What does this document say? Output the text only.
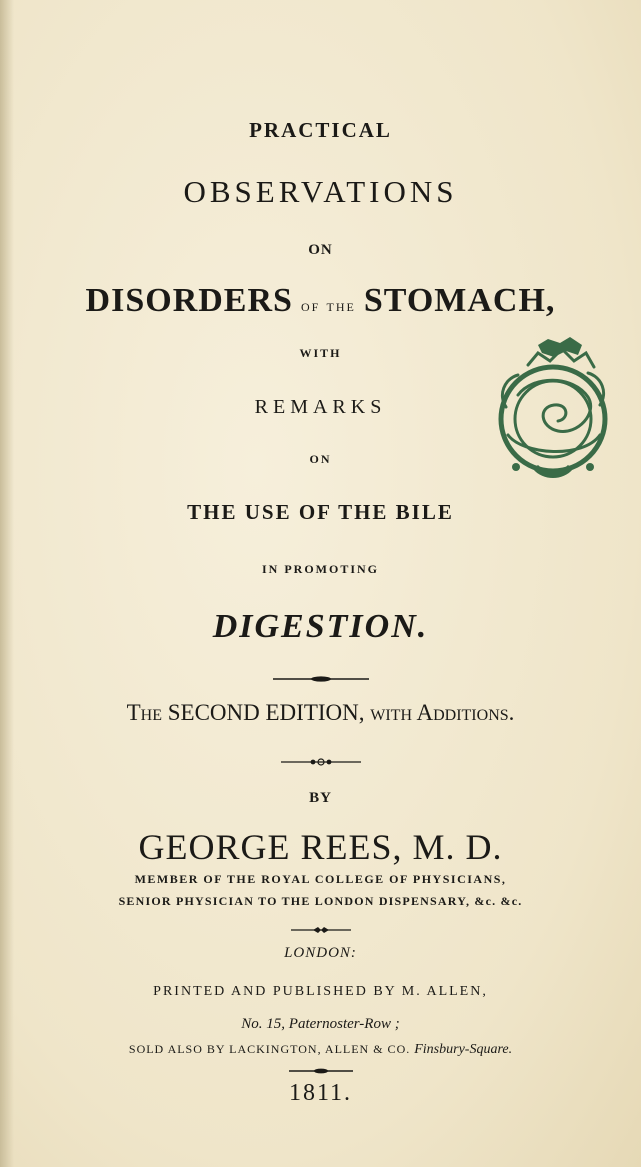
PRACTICAL
OBSERVATIONS
ON
DISORDERS of the STOMACH,
WITH
REMARKS
ON
THE USE OF THE BILE
IN PROMOTING
DIGESTION.
The SECOND EDITION, with Additions.
BY
GEORGE REES, M. D.
MEMBER OF THE ROYAL COLLEGE OF PHYSICIANS,
SENIOR PHYSICIAN TO THE LONDON DISPENSARY, &c. &c.
LONDON:
PRINTED AND PUBLISHED BY M. ALLEN,
No. 15, Paternoster-Row ;
SOLD ALSO BY LACKINGTON, ALLEN & CO. Finsbury-Square.
1811.
